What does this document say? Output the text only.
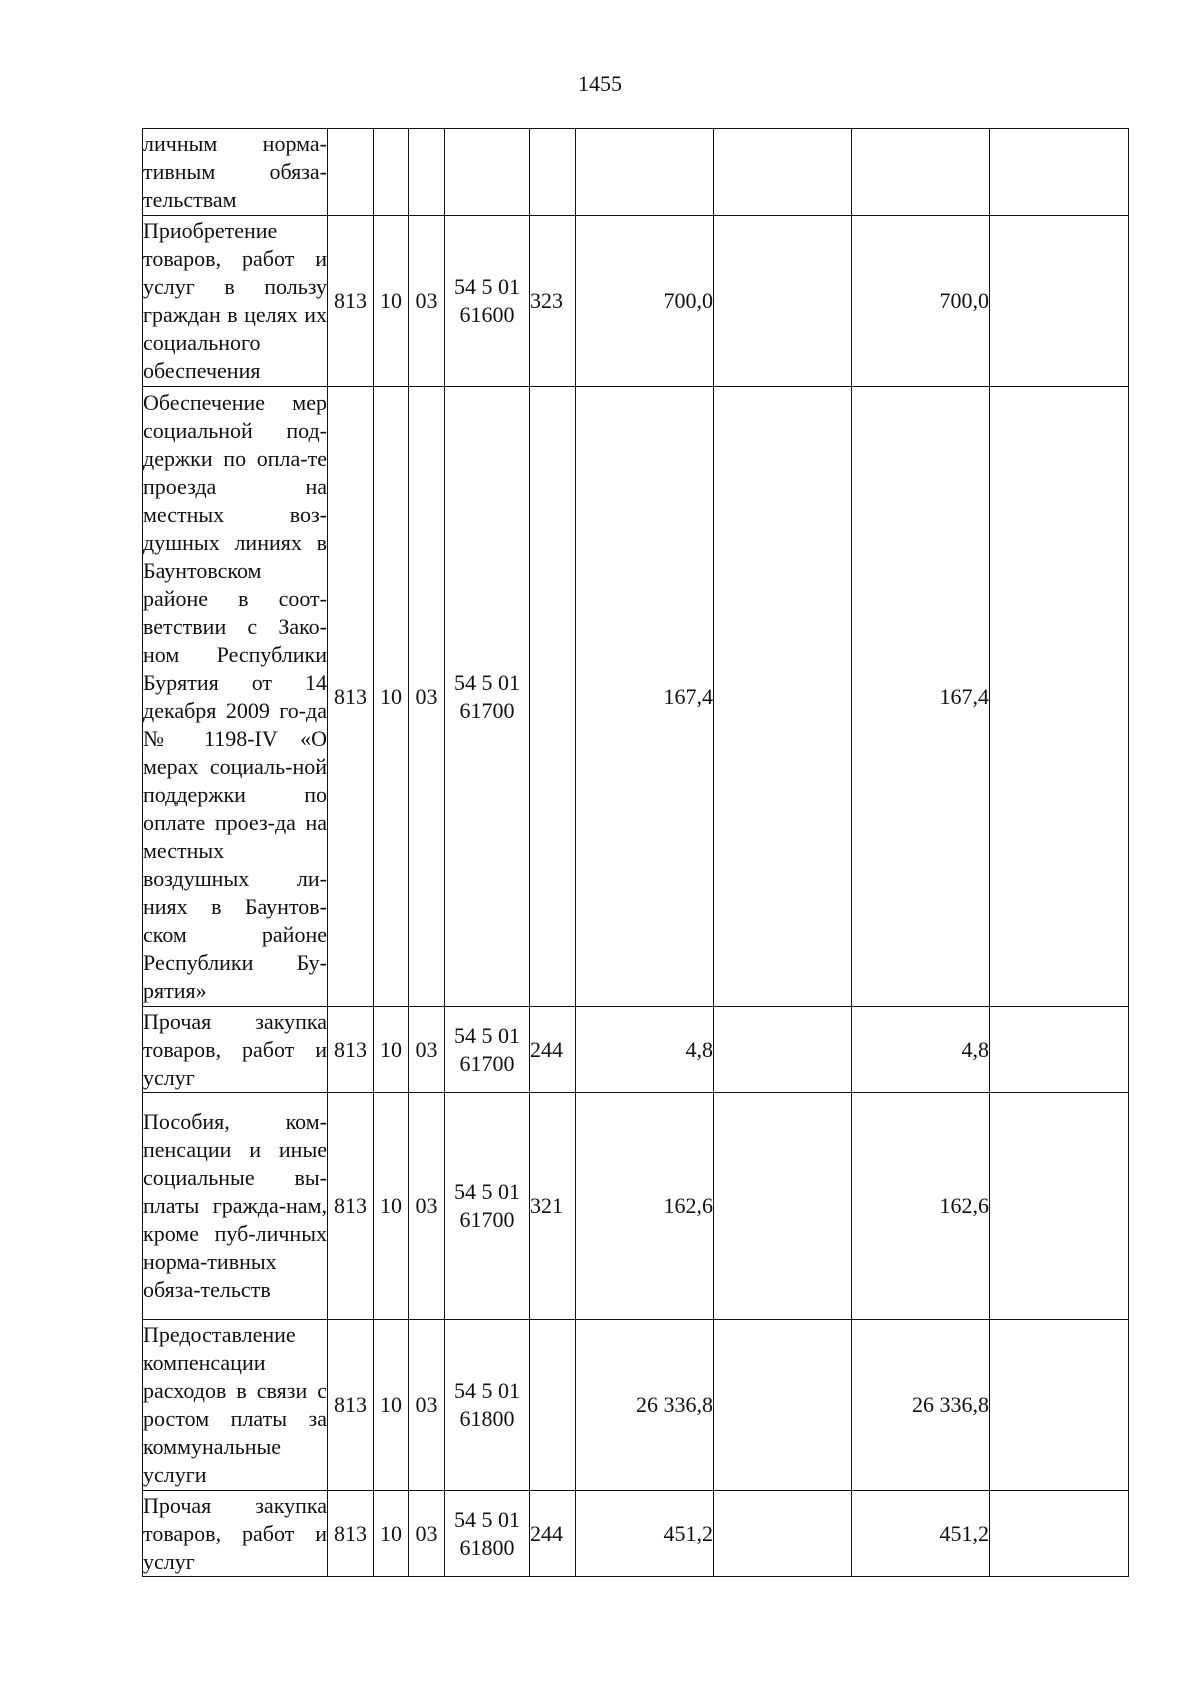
1455
личным норма-тивным обяза-тельствам									
Приобретение товаров, работ и услуг в пользу граждан в целях их социального обеспечения	813	10	03	54 5 01 61600	323	700,0		700,0	
Обеспечение мер социальной под-держки по опла-те проезда на местных воз-душных линиях в Баунтовском районе в соот-ветствии с Зако-ном Республики Бурятия от 14 декабря 2009 го-да № 1198-IV «О мерах социаль-ной поддержки по оплате проез-да на местных воздушных ли-ниях в Баунтов-ском районе Республики Бу-рятия»	813	10	03	54 5 01 61700		167,4		167,4	
Прочая закупка товаров, работ и услуг	813	10	03	54 5 01 61700	244	4,8		4,8	
Пособия, ком-пенсации и иные социальные вы-платы гражда-нам, кроме пуб-личных норма-тивных обяза-тельств	813	10	03	54 5 01 61700	321	162,6		162,6	
Предоставление компенсации расходов в связи с ростом платы за коммунальные услуги	813	10	03	54 5 01 61800		26 336,8		26 336,8	
Прочая закупка товаров, работ и услуг	813	10	03	54 5 01 61800	244	451,2		451,2	
